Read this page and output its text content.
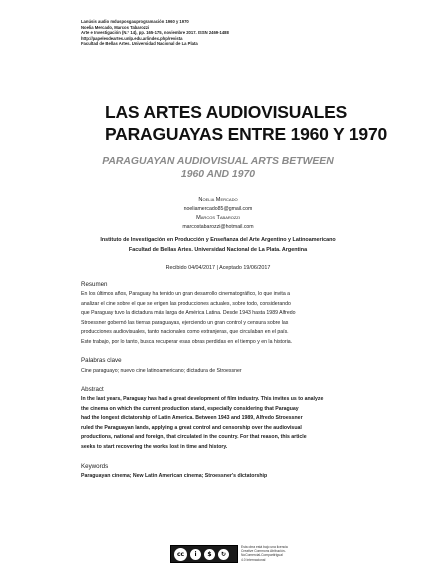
Lanúsis audio mdusposgauprogramación 1960 y 1970
Noelia Mercado, Marcos Tabarozzi
Arte e Investigación (N.° 14), pp. 165-175, noviembre 2017. ISSN 2469-1488
http://papelesdeartes.unlp.edu.ar/index.php/revista
Facultad de Bellas Artes. Universidad Nacional de La Plata
LAS ARTES AUDIOVISUALES
PARAGUAYAS ENTRE 1960 Y 1970
PARAGUAYAN AUDIOVISUAL ARTS BETWEEN
1960 AND 1970
Noelia Mercado
noeliamercado85@gmail.com
Marcos Tabarozzi
marcostabarozzi@hotmail.com
Instituto de Investigación en Producción y Enseñanza del Arte Argentino y Latinoamericano
Facultad de Bellas Artes. Universidad Nacional de La Plata. Argentina
Recibido 04/04/2017 | Aceptado 19/06/2017
Resumen
En los últimos años, Paraguay ha tenido un gran desarrollo cinematográfico, lo que invita a
analizar el cine sobre el que se erigen las producciones actuales, sobre todo, considerando
que Paraguay tuvo la dictadura más larga de América Latina. Desde 1943 hasta 1989 Alfredo
Stroessner gobernó las tierras paraguayas, ejerciendo un gran control y censura sobre las
producciones audiovisuales, tanto nacionales como extranjeras, que circulaban en el país.
Este trabajo, por lo tanto, busca recuperar esas obras perdidas en el tiempo y en la historia.
Palabras clave
Cine paraguayo; nuevo cine latinoamericano; dictadura de Stroessner
Abstract
In the last years, Paraguay has had a great development of film industry. This invites us to analyze
the cinema on which the current production stand, especially considering that Paraguay
had the longest dictatorship of Latin America. Between 1943 and 1989, Alfredo Stroessner
ruled the Paraguayan lands, applying a great control and censorship over the audiovisual
productions, national and foreign, that circulated in the country. For that reason, this article
seeks to start recovering the works lost in time and history.
Keywords
Paraguayan cinema; New Latin American cinema; Stroessner's dictatorship
cc i $ ↻
Esta obra está bajo una licencia
Creative Commons Atribución-
NoComercial-CompartirIgual
4.0 Internacional
